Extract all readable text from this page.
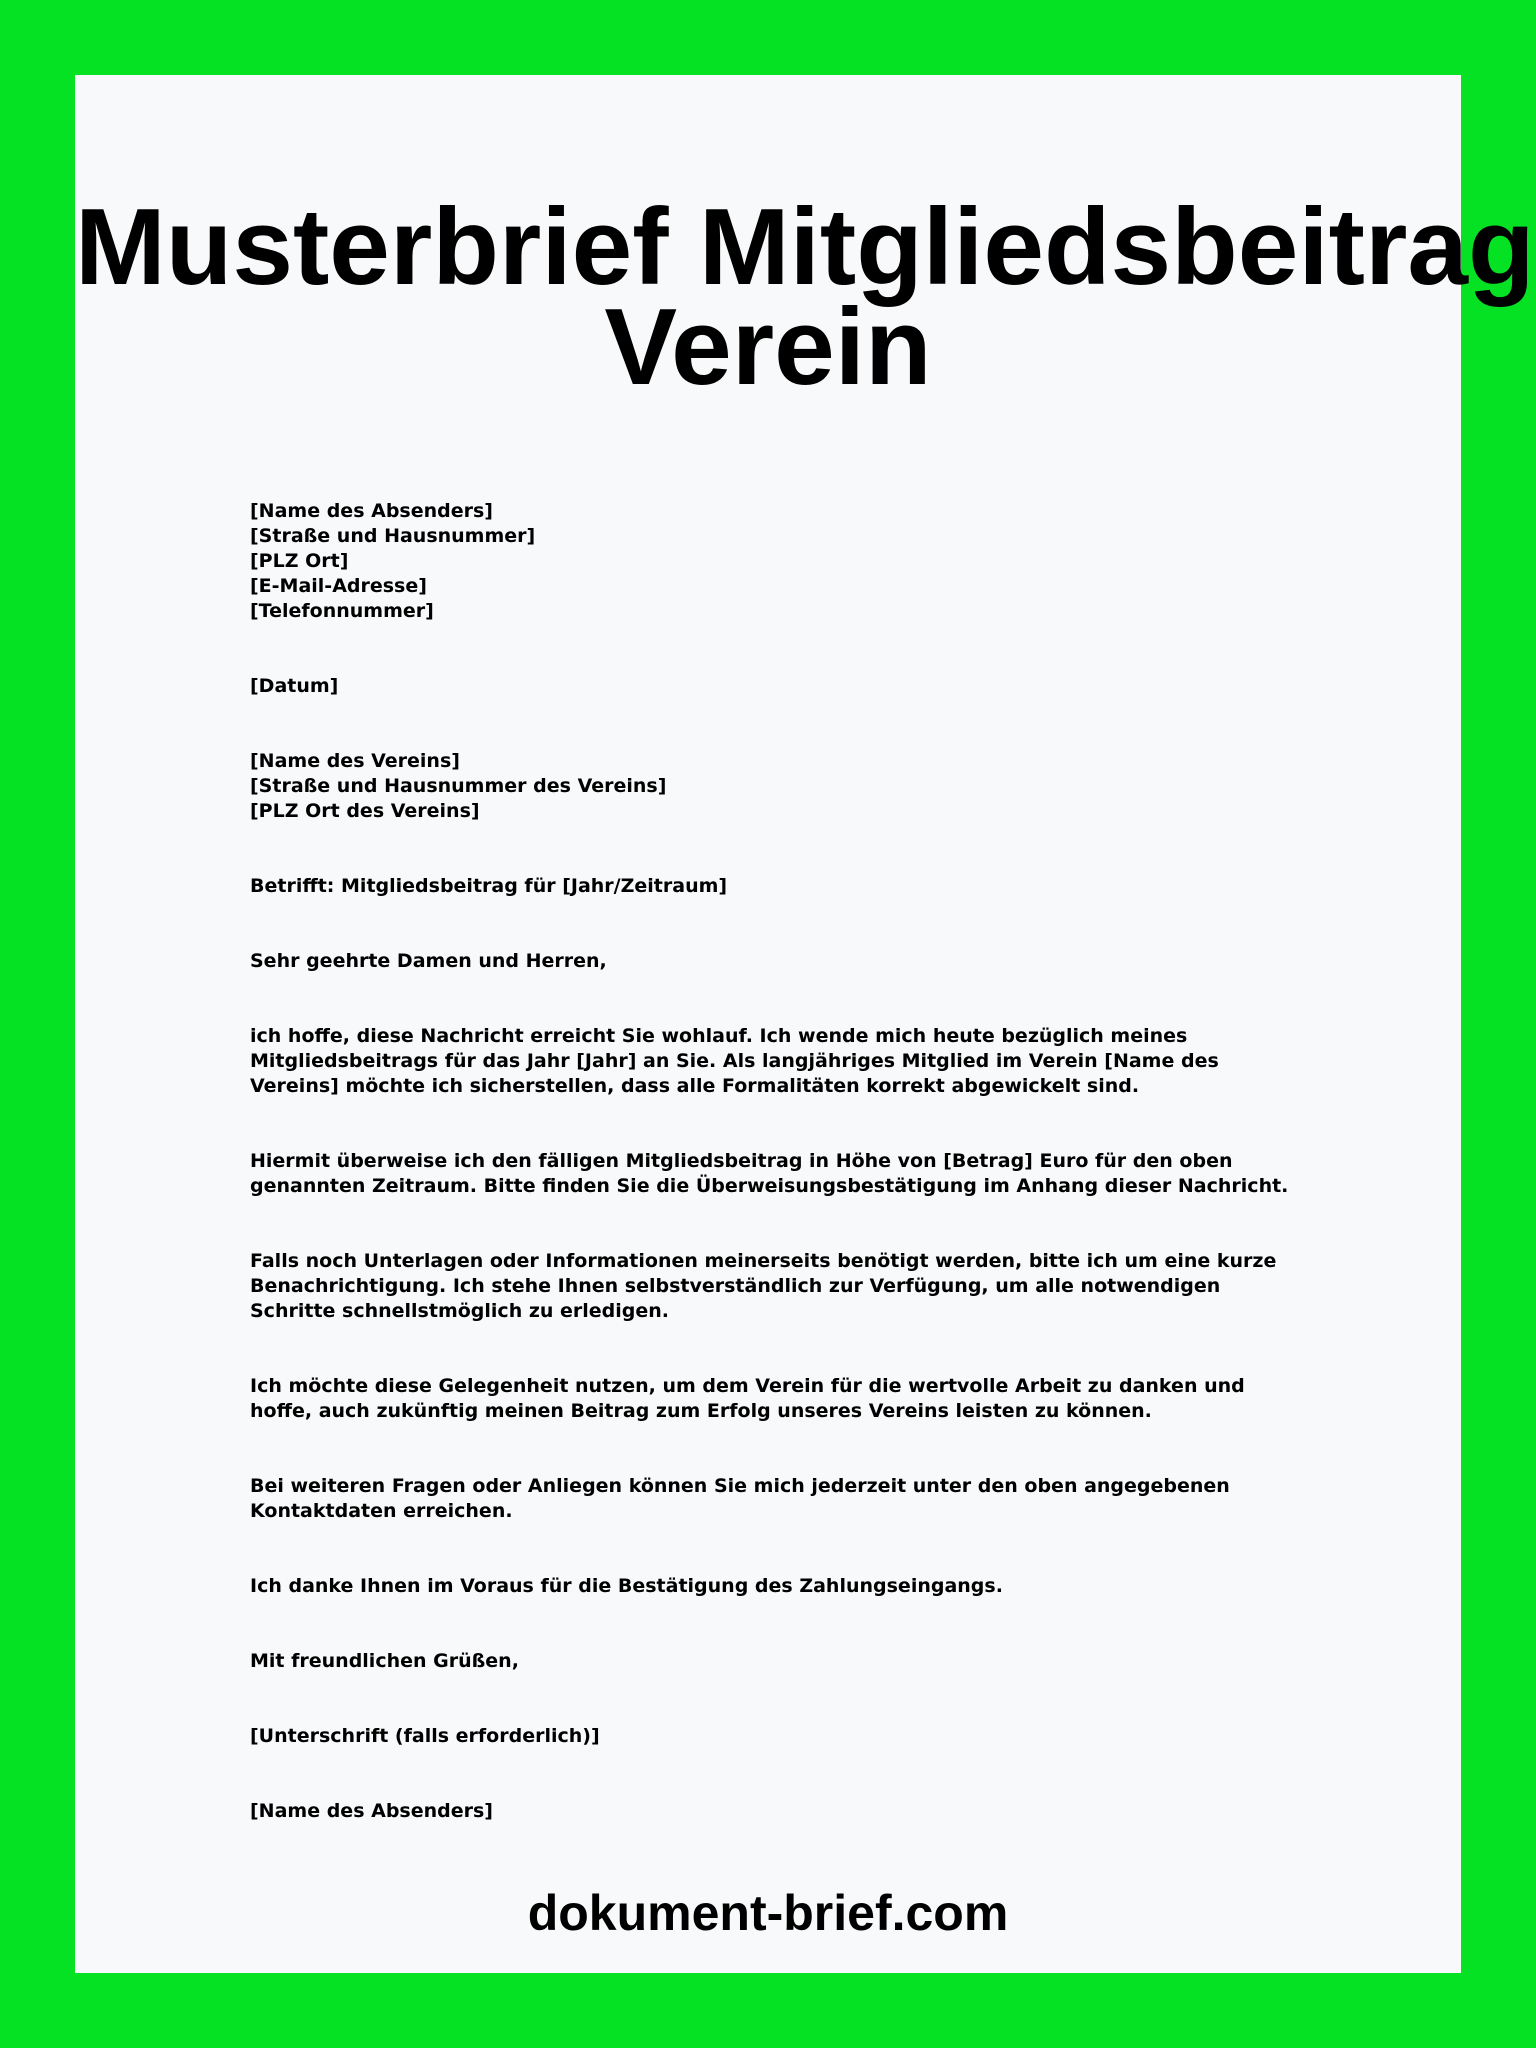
Musterbrief Mitgliedsbeitrag
Verein
[Name des Absenders]
[Straße und Hausnummer]
[PLZ Ort]
[E-Mail-Adresse]
[Telefonnummer]
[Datum]
[Name des Vereins]
[Straße und Hausnummer des Vereins]
[PLZ Ort des Vereins]

Betrifft: Mitgliedsbeitrag für [Jahr/Zeitraum]

Sehr geehrte Damen und Herren,

ich hoffe, diese Nachricht erreicht Sie wohlauf. Ich wende mich heute bezüglich meines Mitgliedsbeitrags für das Jahr [Jahr] an Sie. Als langjähriges Mitglied im Verein [Name des Vereins] möchte ich sicherstellen, dass alle Formalitäten korrekt abgewickelt sind.

Hiermit überweise ich den fälligen Mitgliedsbeitrag in Höhe von [Betrag] Euro für den oben genannten Zeitraum. Bitte finden Sie die Überweisungsbestätigung im Anhang dieser Nachricht.

Falls noch Unterlagen oder Informationen meinerseits benötigt werden, bitte ich um eine kurze Benachrichtigung. Ich stehe Ihnen selbstverständlich zur Verfügung, um alle notwendigen Schritte schnellstmöglich zu erledigen.

Ich möchte diese Gelegenheit nutzen, um dem Verein für die wertvolle Arbeit zu danken und hoffe, auch zukünftig meinen Beitrag zum Erfolg unseres Vereins leisten zu können.

Bei weiteren Fragen oder Anliegen können Sie mich jederzeit unter den oben angegebenen Kontaktdaten erreichen.

Ich danke Ihnen im Voraus für die Bestätigung des Zahlungseingangs.

Mit freundlichen Grüßen,

[Unterschrift (falls erforderlich)]

[Name des Absenders]

dokument-brief.com
